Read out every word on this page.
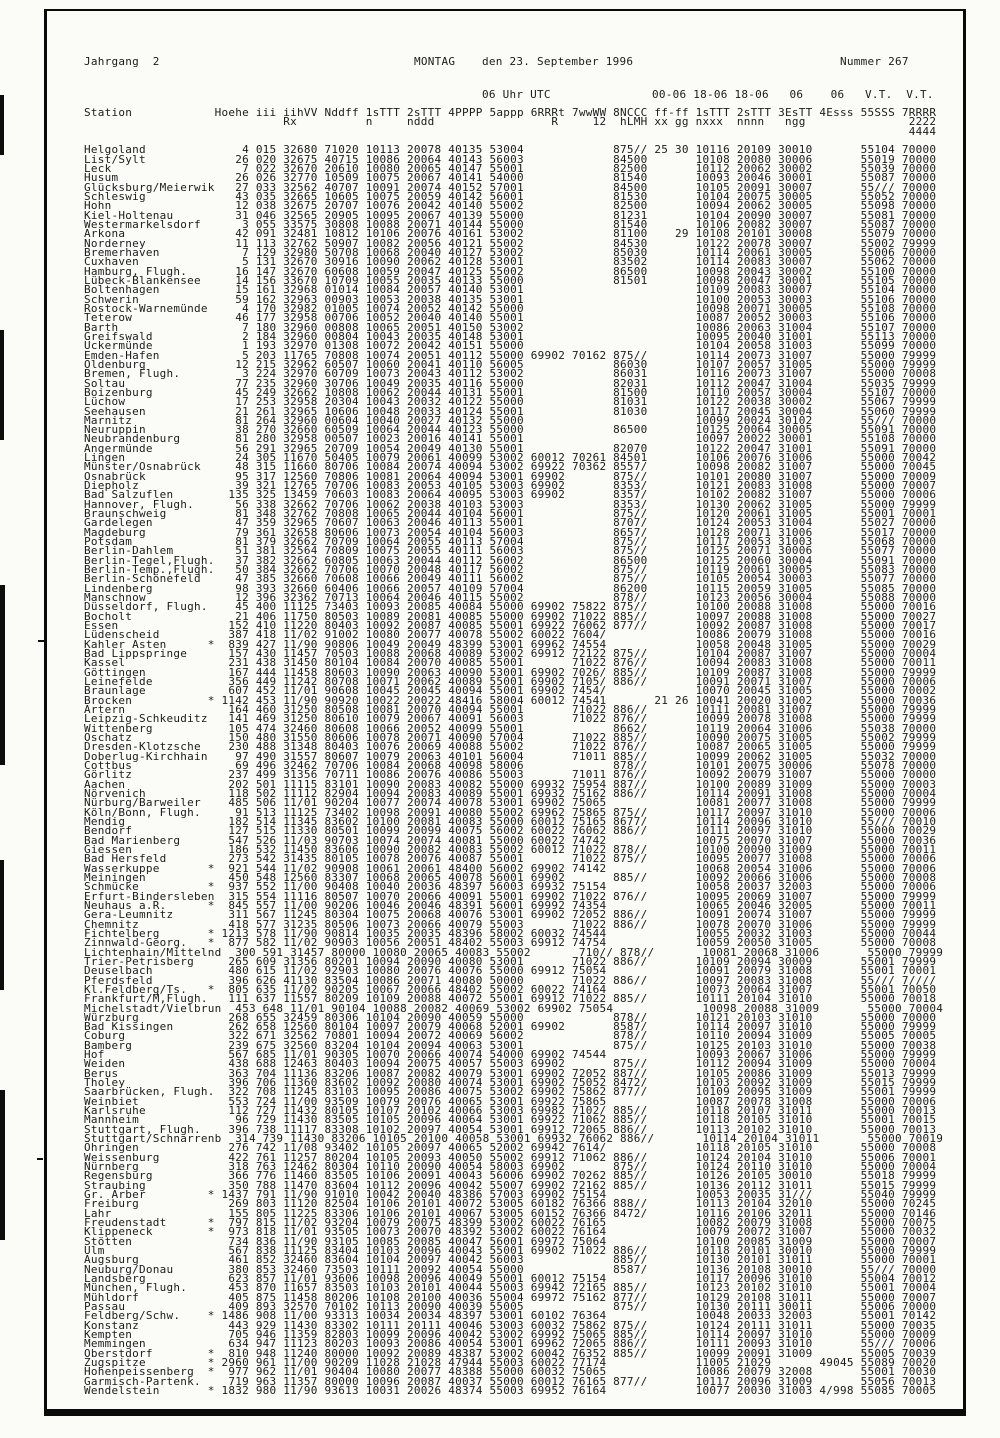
Jahrgang  2	MONTAG den 23. September 1996	Nummer 267
06 Uhr UTC	00-06 18-06 18-06   06    06   V.T.  V.T.
Station            Hoehe iii iihVV Nddff 1sTTT 2sTTT 4PPPP 5appp 6RRRt 7wwWW 8NCCC ff-ff 1sTTT 2sTTT 3EsTT 4Esss 55SSS 7RRRR
Rx          n     nddd                 R     12  hLMH xx gg nxxx  nnnn   ngg               2222
4444
Helgoland              4 015 32680 71020 10113 20078 40135 53004             875// 25 30 10116 20109 30010       55104 70000
List/Sylt             26 020 32675 40715 10086 20064 40143 56003             84500       10108 20080 30006       55019 70000
Leck                   7 022 32670 20610 10080 20065 40147 55001             82500       10112 20062 30002       55039 70000
Husum                 26 026 32770 10509 10075 20067 40141 54000             81540       10093 20046 30001       55087 70000
Glücksburg/Meierwik   27 033 32562 40707 10091 20074 40152 57001             84500       10105 20091 30007       55/// 70000
Schleswig             43 035 32665 10605 10075 20059 40142 56001             81530       10104 20075 30005       55052 70000
Hohn                  12 038 32675 20707 10076 20042 40140 55002             82500       10094 20062 30005       55098 70000
Kiel-Holtenau         31 046 32565 20905 10095 20067 40139 55000             81231       10104 20090 30007       55081 70000
Westermarkelsdorf      3 055 33575 30808 10088 20071 40144 55000             81540       10106 20082 30007       55087 70000
Arkona                42 091 32481 10812 10106 20076 40161 53002             81100    29 10108 20101 30008       55079 70000
Norderney             11 113 32762 50907 10082 20056 40121 55002             84530       10122 20078 30007       55002 79999
Bremerhaven            7 129 32980 50708 10068 20040 40127 53002             85030       10114 20061 30005       55006 70000
Cuxhaven               5 131 32670 30916 10090 20062 40128 53001             83502       10114 20083 30007       55062 70000
Hamburg, Flugh.       16 147 32670 60608 10059 20047 40125 55002             86500       10098 20043 30002       55100 70000
Lübeck-Blankensee     14 156 33670 10709 10055 20035 40133 55000             81501       10098 20047 30001       55105 70000
Boltenhagen           15 161 32968 01014 10084 20057 40140 53001                         10109 20083 30007       55104 70000
Schwerin              59 162 32963 00903 10053 20038 40135 53001                         10100 20053 30003       55106 70000
Rostock-Warnemünde     4 170 32982 01005 10074 20052 40142 55000                         10098 20071 30005       55108 70000
Teterow               46 177 32958 00706 10052 20040 40140 55001                         10087 20052 30003       55106 70000
Barth                  7 180 32960 00808 10065 20051 40150 53002                         10086 20063 31004       55107 70000
Greifswald             2 184 32960 00804 10043 20035 40148 53001                         10095 20040 31001       55113 70000
Ückermünde             1 193 32970 01308 10072 20042 40151 55000                         10104 20058 31003       55099 70000
Emden-Hafen            5 203 11765 70808 10074 20051 40112 55000 69902 70162 875//       10114 20073 31007       55000 79999
Oldenburg             12 215 32962 60507 10060 20041 40110 56005             86030       10107 20057 31005       55000 79999
Bremen, Flugh.         3 224 32970 60709 10073 20043 40112 53002             86031       10116 20073 31007       55000 70008
Soltau                77 235 32960 30706 10049 20035 40116 55000             82031       10112 20047 31004       55035 79999
Boizenburg            45 249 32662 10808 10062 20044 40131 55001             81500       10110 20057 30004       55107 70000
Lüchow                17 253 32958 20304 10043 20032 40122 55000             81031       10122 20038 30002       55067 79999
Seehausen             21 261 32965 10606 10048 20033 40124 55001             81030       10117 20045 30004       55060 79999
Marnitz               81 264 32960 00604 10040 20027 40132 55000                         10099 20024 30102       55/// 70000
Neuruppin             38 270 32660 60509 10064 20044 40123 55000             86500       10125 20064 30005       55091 70000
Neubrandenburg        81 280 32958 00507 10023 20016 40141 55001                         10097 20022 30001       55108 70000
Angermünde            56 291 32965 20709 10054 20049 40130 55001             82070       10122 20047 31001       55091 70000
Lingen                24 305 11670 50405 10079 20061 40099 53002 60012 70261 84501       10106 20076 31006       55000 70042
Münster/Osnabrück     48 315 11660 80706 10084 20074 40094 53002 69922 70362 8557/       10098 20082 31007       55000 70045
Osnabrück             95 317 12560 70806 10081 20064 40094 53001 69902       875//       10101 20080 31007       55000 70009
Diepholz              39 321 12765 70706 10083 20053 40105 53003 69902       8353/       10121 20083 31008       55000 70007
Bad Salzuflen        135 325 13459 70603 10083 20064 40095 53003 69902       8357/       10102 20082 31007       55000 70006
Hannover, Flugh.      56 338 32662 70706 10062 20038 40103 53003             8353/       10130 20062 31005       55000 79999
Braunschweig          81 348 32762 70808 10065 20044 40104 56001             875//       10120 20061 31005       55001 70001
Gardelegen            47 359 32965 70607 10063 20046 40113 55001             8707/       10124 20053 31004       55027 70000
Magdeburg             79 361 32658 80606 10073 20054 40104 56003             8657/       10128 20071 31006       55017 70000
Potsdam               81 379 32662 70709 10064 20055 40113 57004             875//       10117 20053 31003       55068 70000
Berlin-Dahlem         51 381 32564 70809 10075 20055 40111 56003             875//       10125 20071 30006       55077 70000
Berlin-Tegel,Flugh.   37 382 32662 60805 10063 20044 40112 56002             86500       10125 20060 30004       55091 70000
Berlin-Temp.,Flugh.   50 384 32662 70706 10070 20048 40117 56002             875//       10119 20061 30005       55083 70000
Berlin-Schönefeld     47 385 32660 70608 10066 20049 40111 56002             875//       10105 20054 30003       55077 70000
Lindenberg            98 393 32660 60406 10066 20057 40109 57004             86200       10115 20059 31005       55085 70000
Manschnow             12 396 32362 70713 10064 20046 40115 55002             878//       10123 20056 30004       55088 70000
Düsseldorf, Flugh.    45 400 11125 73403 10093 20085 40084 55000 69902 75822 875//       10100 20088 31008       55000 70016
Bocholt               21 406 11750 80503 10089 20081 40085 55000 69902 71022 885//       10097 20088 31008       55000 70027
Essen                152 410 11220 80403 10092 20087 40085 55001 69922 76062 877//       10092 20087 31008       55000 70017
Lüdenscheid          387 418 11/02 91002 10080 20077 40078 55002 60022 7604/             10086 20079 31008       55000 70016
Kahler Asten      *  839 427 11/90 90806 10049 20049 48399 53001 69962 74554             10058 20048 31005       55000 70029
Bad Lippspringe      157 430 11457 70503 10088 20068 40089 53002 69912 72122 875//       10104 20087 31007       55000 70004
Kassel               231 438 31450 80104 10084 20070 40085 55001       71022 876//       10094 20083 31008       55000 70011
Göttingen            167 444 11458 80603 10090 20063 40090 53001 69902 7026/ 885//       10109 20087 31008       55000 79999
Leinefelde           356 449 11242 80708 10071 20062 40089 55001 69902 7105/ 886//       10091 20071 31007       55000 70006
Braunlage            607 452 11/01 90608 10045 20045 40094 55001 69902 7454/             10070 20045 31005       55000 70002
Brocken           * 1142 453 11/90 90920 10022 20022 48416 58004 60012 74541       21 26 10041 20020 31002       55000 70036
Artern               164 460 31250 80508 10081 20070 40094 55001       71022 886//       10111 20081 31007       55000 79999
Leipzig-Schkeuditz   141 469 31250 80610 10079 20067 40091 56003       71022 876//       10099 20078 31008       55000 79999
Wittenberg           105 474 32460 80608 10066 20052 40099 55001             8662/       10119 20064 31006       55038 70000
Oschatz              150 480 31550 80606 10078 20071 40090 57004       71022 885//       10090 20075 31005       55002 79999
Dresden-Klotzsche    230 488 31348 80403 10076 20069 40088 55002       71022 876//       10087 20065 31005       55000 79999
Doberlug-Kirchhain    97 490 31557 80607 10079 20063 40101 56004       71011 885//       10099 20062 31005       55032 70000
Cottbus               69 496 32462 70706 10084 20068 40098 58006             878//       10101 20075 30006       55078 70000
Görlitz              237 499 31356 70711 10086 20076 40086 55003       71011 876//       10092 20079 31007       55000 70000
Aachen               202 501 11115 83101 10090 20083 40082 55000 69932 75954 887//       10100 20089 31009       55000 70003
Nörvenich            118 502 11112 82904 10094 20083 40089 55001 69932 75162 886//       10114 20091 31008       55000 70004
Nürburg/Barweiler    485 506 11/01 90204 10077 20074 40078 53001 69902 75065             10081 20077 31008       55000 79999
Köln/Bonn, Flugh.     91 513 11125 73402 10098 20091 40080 55002 69962 75865 875//       10117 20097 31010       55000 70006
Mendig               182 514 11345 83602 10100 20081 40083 55000 60012 75165 8677/       10114 20096 31010       55/// 70010
Bendorf              127 515 11330 80501 10099 20099 40075 56002 60022 76062 886//       10111 20097 31010       55000 70029
Bad Marienberg       547 526 11/03 90703 10074 20074 40081 55000 60022 74742             10075 20070 31007       55000 70036
Giessen              186 532 11450 83606 10090 20082 40083 55002 60012 71022 878//       10100 20090 31009       55000 70011
Bad Hersfeld         273 542 31435 80105 10078 20076 40087 55001       71022 875//       10095 20077 31008       55000 70006
Wasserkuppe       *  921 544 11/02 90908 10061 20061 48400 56002 69902 74142             10068 20054 31006       55000 70006
Meiningen            450 548 12560 83307 10068 20065 40078 56001 69902       885//       10092 20066 31006       55000 70008
Schmücke          *  937 552 11/00 90408 10040 20036 48397 56003 69932 75154             10058 20037 32003       55000 70006
Erfurt-Bindersleben  315 554 11116 80507 10070 20066 40091 55001 69902 71022 876//       10095 20069 31007       55000 79999
Neuhaus a.R.      *  845 557 11/00 90206 10046 20046 48391 56001 69992 74354             10065 20046 32005       55000 70011
Gera-Leumnitz        311 567 11245 80304 10075 20068 40076 53001 69902 72052 886//       10091 20074 31007       55000 79999
Chemnitz             418 577 31235 80506 10073 20066 40079 55003       71022 886//       10078 20070 31006       55000 79999
Fichtelberg       * 1213 578 11/90 90814 10035 20035 48396 58002 60032 74544             10055 20032 31003       55000 70044
Zinnwald-Georg.   *  877 582 11/02 90903 10056 20051 48402 55003 69912 74754             10059 20050 31005       55000 70008
Lichtenhain/Mittelnd  300 591 31457 80000 10080 20065 40083 55002       710// 878//       10081 20068 31006       55000 79999
Trier-Petrisberg     265 609 31356 80201 10094 20090 40080 53001       71022 886//       10109 20094 30009       55001 79999
Deuselbach           480 615 11/02 92903 10080 20076 40076 55000 69912 75054             10091 20079 31008       55001 70001
Pferdsfeld           396 626 41130 83504 10086 20071 40080 50000       71022 886//       10097 20083 31008       55/// 7////
Kl.Feldberg/Ts.   *  805 635 11/02 90205 10067 20066 48402 55002 60022 74164             10073 20064 31007       55001 70050
Frankfurt/M,Flugh.   111 637 11557 80209 10109 20088 40072 55001 69912 71022 885//       10111 20104 31010       55000 70018
Michelstadt/Vielbrun  453 648 11/01 90104 10088 20082 40069 53002 69902 75054             10098 20088 31009       55000 70004
Würzburg             268 655 32459 80306 10104 20090 40059 55000             878//       10121 20103 31010       55000 70000
Bad Kissingen        262 658 12560 80104 10097 20079 40068 52001 69902       8587/       10114 20097 31010       55000 79999
Coburg               322 671 32562 70801 10094 20072 40069 56002             878//       10110 20094 31009       55005 70005
Bamberg              239 675 32560 83204 10104 20094 40063 53001             875//       10125 20103 31010       55000 70038
Hof                  567 685 11/01 90305 10070 20066 40074 54000 69902 74544             10093 20067 31006       55000 79999
Weiden               438 688 12463 80403 10094 20075 40057 55003 69902       875//       10112 20094 31009       55000 70004
Berus                363 704 11136 83206 10087 20082 40079 53001 69902 72052 887//       10105 20086 31009       55013 79999
Tholey               396 706 11360 83602 10092 20080 40074 53001 69902 75052 8472/       10103 20092 31009       55015 79999
Saarbrücken, Flugh.  322 708 11245 83103 10095 20086 40075 53002 69902 75862 877//       10109 20095 31009       55001 79999
Weinbiet             553 724 11/00 93509 10079 20076 40065 53001 69922 75865             10087 20078 31008       55000 70006
Karlsruhe            112 727 11432 80105 10107 20102 40066 53003 69982 7102/ 885//       10118 20107 31011       55000 70013
Mannheim              96 729 11430 83505 10105 20096 40064 53001 69922 71062 885//       10118 20105 31010       55001 70015
Stuttgart, Flugh.    396 738 11117 83308 10102 20097 40054 53001 69912 72065 886//       10113 20102 31010       55000 70013
Stuttgart/Schnarrenb  314 739 11430 83206 10105 20100 40058 53001 69932 76062 886//       10114 20104 31011       55000 70019
Öhringen             276 742 11/08 93402 10105 20097 40065 52002 69942 7614/             10118 20105 31010       55000 70008
Weissenburg          422 761 11257 80204 10105 20093 40050 55002 69912 71062 886//       10124 20104 31010       55006 70001
Nürnberg             318 763 12462 80304 10110 20090 40054 58003 69902       875//       10124 20110 31010       55000 70004
Regensburg           366 776 11460 83505 10106 20091 40043 56006 69902 70262 885//       10126 20105 30010       55018 79999
Straubing            350 788 11470 83604 10112 20096 40042 55007 69902 72162 885//       10136 20112 31011       55015 79999
Gr. Arber         * 1437 791 11/90 91010 10042 20040 48386 57003 69902 75154             10053 20035 31///       55040 79999
Freiburg             269 803 11120 82504 10106 20101 40072 53005 60182 76366 888//       10113 20104 32010       55000 70245
Lahr                 155 805 11225 83306 10106 20101 40067 53005 60152 76366 8472/       10116 20106 32011       55000 70146
Freudenstadt      *  797 815 11/02 93204 10079 20075 48399 53002 60022 76165             10082 20079 31008       55000 70075
Klippeneck        *  973 818 11/01 93505 10073 20070 48392 53002 60022 76164             10079 20072 31007       55000 70032
Stötten              734 836 11/90 93105 10085 20085 40047 56001 69972 75064             10100 20085 31009       55000 70007
Ulm                  567 838 11125 83404 10103 20096 40043 55001 69902 71022 886//       10118 20101 30010       55000 79999
Augsburg             461 852 32460 83604 10104 20097 40042 56003             885//       10130 20101 31011       55000 70001
Neuburg/Donau        380 853 32460 73503 10111 20092 40054 55000             8587/       10136 20108 30010       55/// 70000
Landsberg            623 857 11/01 93606 10098 20096 40049 55001 60012 75154             10117 20096 31010       55004 70012
München, Flugh.      453 870 11657 83503 10103 20101 40044 55003 69942 72165 885//       10123 20102 31010       55001 70004
Mühldorf             405 875 11458 80206 10108 20100 40036 55004 69972 75162 877//       10129 20108 31011       55000 70007
Passau               409 893 32570 70102 10113 20090 40039 55005             875//       10130 20111 30011       55006 70000
Feldberg/Schw.    * 1486 908 11/00 93313 10034 20034 48397 53001 60102 76364             10048 20033 32003       55001 70142
Konstanz             443 929 11430 83302 10111 20111 40046 53003 60032 75862 875//       10124 20111 31011       55000 70035
Kempten              705 946 11359 82803 10099 20096 40042 53002 69992 75065 885//       10114 20097 31010       55000 70009
Memmingen            634 947 11123 80203 10093 20086 40054 53001 69962 72065 886//       10111 20093 31010       55/// 70006
Oberstdorf        *  810 948 11240 80000 10092 20089 48387 53002 60042 76352 885//       10099 20091 31009       55005 70039
Zugspitze         * 2960 961 11/00 90209 11028 21028 47944 55003 60022 77174             11005 21029       49045 55089 70020
Hohenpeissenberg  *  977 962 11/01 90404 10080 20077 48388 55000 60032 75065             10086 20079 32008       55001 70030
Garmisch-Partenk.    719 963 11357 80000 10096 20087 40037 55000 60012 76165 877//       10117 20096 31009       55056 70013
Wendelstein       * 1832 980 11/90 93613 10031 20026 48374 55003 69952 76164             10077 20030 31003 4/998 55085 70005
